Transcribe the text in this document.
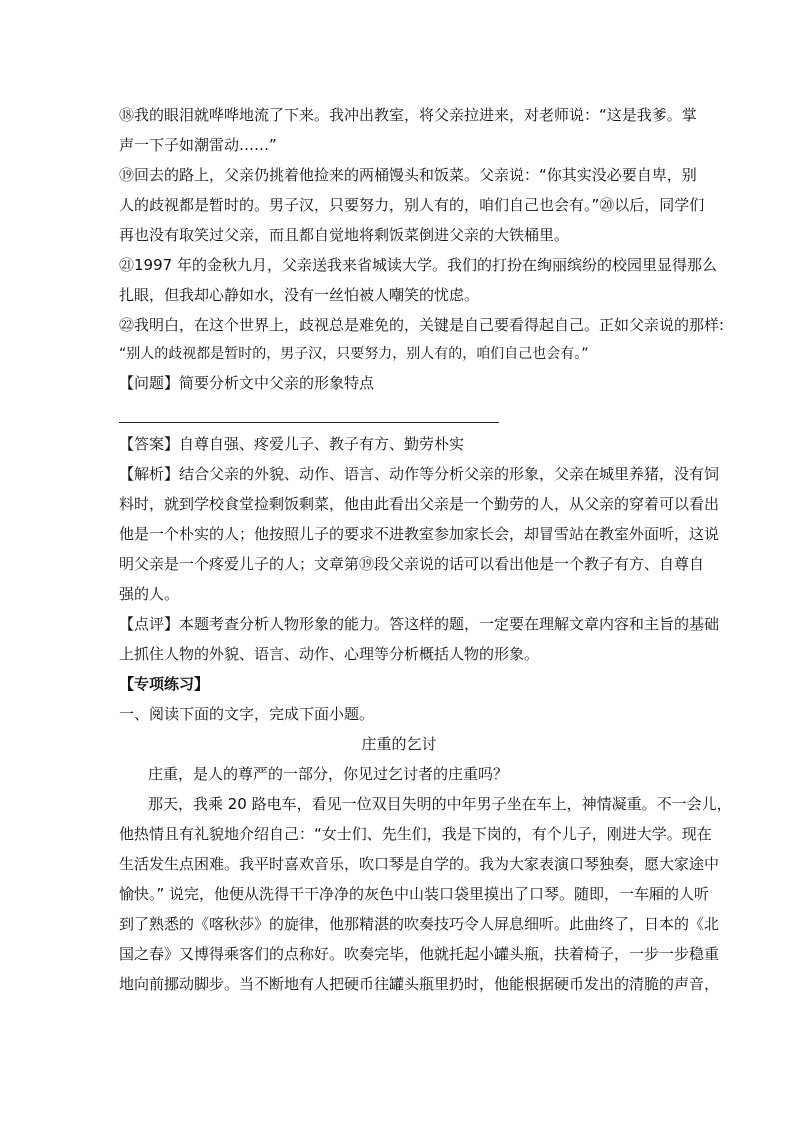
⑱我的眼泪就哗哗地流了下来。我冲出教室，将父亲拉进来，对老师说：“这是我爹。掌
声一下子如潮雷动……”
⑲回去的路上，父亲仍挑着他捡来的两桶馒头和饭菜。父亲说：“你其实没必要自卑，别
人的歧视都是暂时的。男子汉，只要努力，别人有的，咱们自己也会有。”⑳以后，同学们
再也没有取笑过父亲，而且都自觉地将剩饭菜倒进父亲的大铁桶里。
㉑1997 年的金秋九月，父亲送我来省城读大学。我们的打扮在绚丽缤纷的校园里显得那么
扎眼，但我却心静如水，没有一丝怕被人嘲笑的忧虑。
㉒我明白，在这个世界上，歧视总是难免的，关键是自己要看得起自己。正如父亲说的那样:
“别人的歧视都是暂时的，男子汉，只要努力，别人有的，咱们自己也会有。”
【问题】简要分析文中父亲的形象特点
【答案】自尊自强、疼爱儿子、教子有方、勤劳朴实
【解析】结合父亲的外貌、动作、语言、动作等分析父亲的形象，父亲在城里养猪，没有饲
料时，就到学校食堂捡剩饭剩菜，他由此看出父亲是一个勤劳的人，从父亲的穿着可以看出
他是一个朴实的人；他按照儿子的要求不进教室参加家长会，却冒雪站在教室外面听，这说
明父亲是一个疼爱儿子的人；文章第⑲段父亲说的话可以看出他是一个教子有方、自尊自
强的人。
【点评】本题考查分析人物形象的能力。答这样的题，一定要在理解文章内容和主旨的基础
上抓住人物的外貌、语言、动作、心理等分析概括人物的形象。
【专项练习】
一、阅读下面的文字，完成下面小题。
庄重的乞讨
庄重，是人的尊严的一部分，你见过乞讨者的庄重吗？
那天，我乘 20 路电车，看见一位双目失明的中年男子坐在车上，神情凝重。不一会儿，
他热情且有礼貌地介绍自己：“女士们、先生们，我是下岗的，有个儿子，刚进大学。现在
生活发生点困难。我平时喜欢音乐，吹口琴是自学的。我为大家表演口琴独奏，愿大家途中
愉快。” 说完，他便从洗得干干净净的灰色中山装口袋里摸出了口琴。随即，一车厢的人听
到了熟悉的《喀秋莎》的旋律，他那精湛的吹奏技巧令人屏息细听。此曲终了，日本的《北
国之春》又博得乘客们的点称好。吹奏完毕，他就托起小罐头瓶，扶着椅子，一步一步稳重
地向前挪动脚步。当不断地有人把硬币往罐头瓶里扔时，他能根据硬币发出的清脆的声音，
